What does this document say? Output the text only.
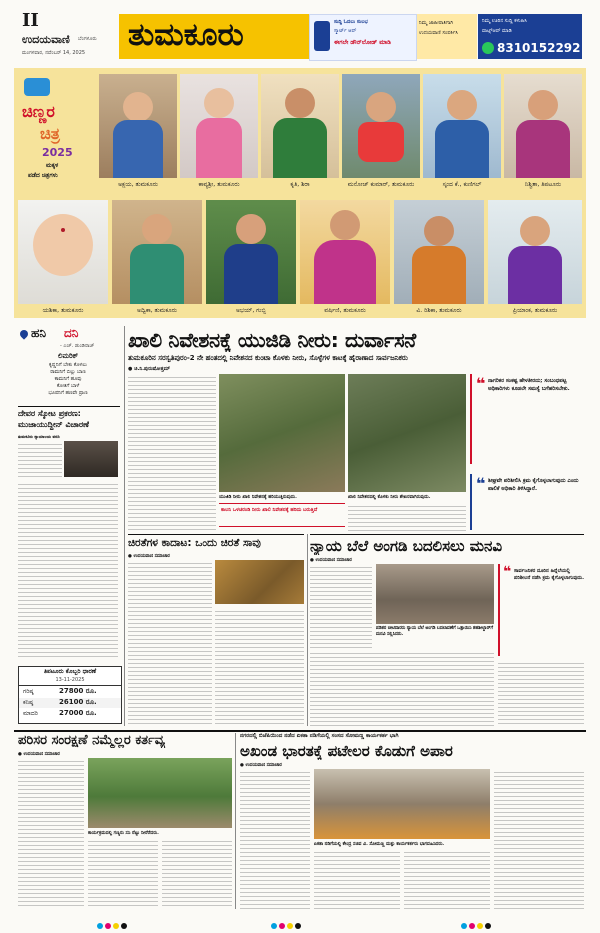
II
ಉದಯವಾಣಿ ಬೆಂಗಳೂರು
ಮಂಗಳವಾರ, ನವೆಂಬರ್ 14, 2025 ತುಮಕೂರು	ಸುದ್ದಿ ಓದಲು ಸುಲಭ
ಸ್ಮಾರ್ಟ್ ಆಪ್
ಈಗಲೇ ಡೌನ್‌ಲೋಡ್ ಮಾಡಿ
ನಿಮ್ಮ ಜಾಹೀರಾತಿಗಾಗಿ
ಉದಯವಾಣಿ ಸಂಪರ್ಕಿಸಿ
ನಿಮ್ಮ ಊರಿನ ಸುದ್ದಿ ಕಳುಹಿಸಿ
ವಾಟ್ಸ್ಆಪ್ ಮಾಡಿ
8310152292
ಚಿಣ್ಣರ
ಚಿತ್ರ
2025
ಮಕ್ಕಳ
ಪಡೆದ ಚಿತ್ರಗಳು
ಅಕ್ಷಯ, ತುಮಕೂರು	ಕಾವ್ಯಶ್ರೀ, ತುಮಕೂರು	ಕೃತಿ, ಶಿರಾ	ಮನೋಜ್ ಕುಮಾರ್, ತುಮಕೂರು	ಸ್ಕಂದ ಕೆ., ಕುಣಿಗಲ್	ನಿಶ್ಚಿತಾ, ತಿಪಟೂರು
ಯಶಿಕಾ, ತುಮಕೂರು	ಅದ್ವಿಕಾ, ತುಮಕೂರು	ಅಭಯ್, ಗುಬ್ಬಿ	ವರ್ಷಿಣಿ, ತುಮಕೂರು	ವಿ. ರಿಶಿಕಾ, ತುಮಕೂರು	ಪ್ರಿಯಾಂಕ, ತುಮಕೂರು
ಹನಿ ದನಿ
- ಎಚ್. ಡುಂಡಿರಾಜ್
ಲಿಮರಿಕ್
ಕೃಷ್ಣನಿಗೆ ಬೇಕು ಕೊಳಲು
ರಾಮನಿಗೆ ಬಿಲ್ಲು ಬಾಣ
ಕಾಮನಿಗೆ ಹೂವು
ಕೋತಿಗೆ ಬಾಳೆ
ಭೂಪನಿಗೆ ಹಣವೇ ಪ್ರಾಣ
ದೇವರ ಸ್ಕೋಟ ಪ್ರಕರಣ:
ಮುಜಾಯುದ್ದೀನ್ ವಿಚಾರಣೆ
ತುಮಕೂರು ನ್ಯಾಯಾಲಯ ವರದಿ
ತಿಪಟೂರು ಕೊಬ್ಬರಿ ಧಾರಣೆ
13-11-2025
ಗರಿಷ್ಠ	27800 ರೂ.
ಕನಿಷ್ಠ	26100 ರೂ.
ಮಾದರಿ	27000 ರೂ.
ಖಾಲಿ ನಿವೇಶನಕ್ಕೆ ಯುಜಿಡಿ ನೀರು: ದುರ್ವಾಸನೆ
ತುಮಕೂರಿನ ಸರಸ್ವತಿಪುರಂ-2 ನೇ ಹಂತದಲ್ಲಿ ನಿವೇಶನದ ಕುಂಟಾ ಕೊಳಕು ನೀರು, ಸೊಳ್ಳೆಗಳ ಕಾಟಕ್ಕೆ ಹೈರಾಣಾದ ಸಾರ್ವಜನಿಕರು
● ಚಿ.ನಿ.ಪುರುಷೋತ್ತಮ್
ಯುಜಿಡಿ ನೀರು ಖಾಲಿ ನಿವೇಶನಕ್ಕೆ ಹರಿಯುತ್ತಿರುವುದು.	ಖಾಲಿ ನಿವೇಶನದಲ್ಲಿ ಕೊಳಕು ನೀರು ಶೇಖರವಾಗಿರುವುದು.
ಕಾಲನಿ ಒಳಚರಂಡಿ ನೀರು ಖಾಲಿ ನಿವೇಶನಕ್ಕೆ ಹರಿದು ಬರುತ್ತಿದೆ
❝ ನಾಗರಿಕರ ಸಂಕಷ್ಟ ಹೇಳತೀರದು; ಸಂಬಂಧಪಟ್ಟ ಅಧಿಕಾರಿಗಳು ಕೂಡಲೇ ಸಮಸ್ಯೆ ಬಗೆಹರಿಸಬೇಕು.
❝ ಶೀಘ್ರವೇ ಪರಿಶೀಲಿಸಿ ಕ್ರಮ ಕೈಗೊಳ್ಳಲಾಗುವುದು ಎಂದು ಪಾಲಿಕೆ ಅಧಿಕಾರಿ ತಿಳಿಸಿದ್ದಾರೆ.
ಚಿರತೆಗಳ ಕಾದಾಟ: ಒಂದು ಚಿರತೆ ಸಾವು
● ಉದಯವಾಣಿ ಸಮಾಚಾರ
ನ್ಯಾಯ ಬೆಲೆ ಅಂಗಡಿ ಬದಲಿಸಲು ಮನವಿ
● ಉದಯವಾಣಿ ಸಮಾಚಾರ
ಪಡಿತರ ಚೀಟಿದಾರರು ನ್ಯಾಯ ಬೆಲೆ ಅಂಗಡಿ ಬದಲಾವಣೆಗೆ ಒತ್ತಾಯಿಸಿ ತಹಶೀಲ್ದಾರ್‌ಗೆ ಮನವಿ ಸಲ್ಲಿಸಿದರು.
❝ ಸಾರ್ವಜನಿಕರ ದೂರಿನ ಹಿನ್ನೆಲೆಯಲ್ಲಿ ಪರಿಶೀಲನೆ ನಡೆಸಿ ಕ್ರಮ ಕೈಗೊಳ್ಳಲಾಗುವುದು.
ಪರಿಸರ ಸಂರಕ್ಷಣೆ ನಮ್ಮೆಲ್ಲರ ಕರ್ತವ್ಯ
● ಉದಯವಾಣಿ ಸಮಾಚಾರ
ಕಾರ್ಯಕ್ರಮದಲ್ಲಿ ಗಣ್ಯರು ಸಸಿ ನೆಟ್ಟು ನೀರೆರೆದರು.
ನಗರದಲ್ಲಿ ಬಿಜೆಪಿಯಿಂದ ನಡೆದ ಏಕತಾ ನಡಿಗೆಯಲ್ಲಿ ಸಂಸದ ಸೋಮಣ್ಣ ಕಾರ್ಯಕರ್ತ ಭಾಗಿ
ಅಖಂಡ ಭಾರತಕ್ಕೆ ಪಟೇಲರ ಕೊಡುಗೆ ಅಪಾರ
● ಉದಯವಾಣಿ ಸಮಾಚಾರ
ಏಕತಾ ನಡಿಗೆಯಲ್ಲಿ ಕೇಂದ್ರ ಸಚಿವ ವಿ. ಸೋಮಣ್ಣ ಮತ್ತು ಕಾರ್ಯಕರ್ತರು ಭಾಗವಹಿಸಿದರು.
